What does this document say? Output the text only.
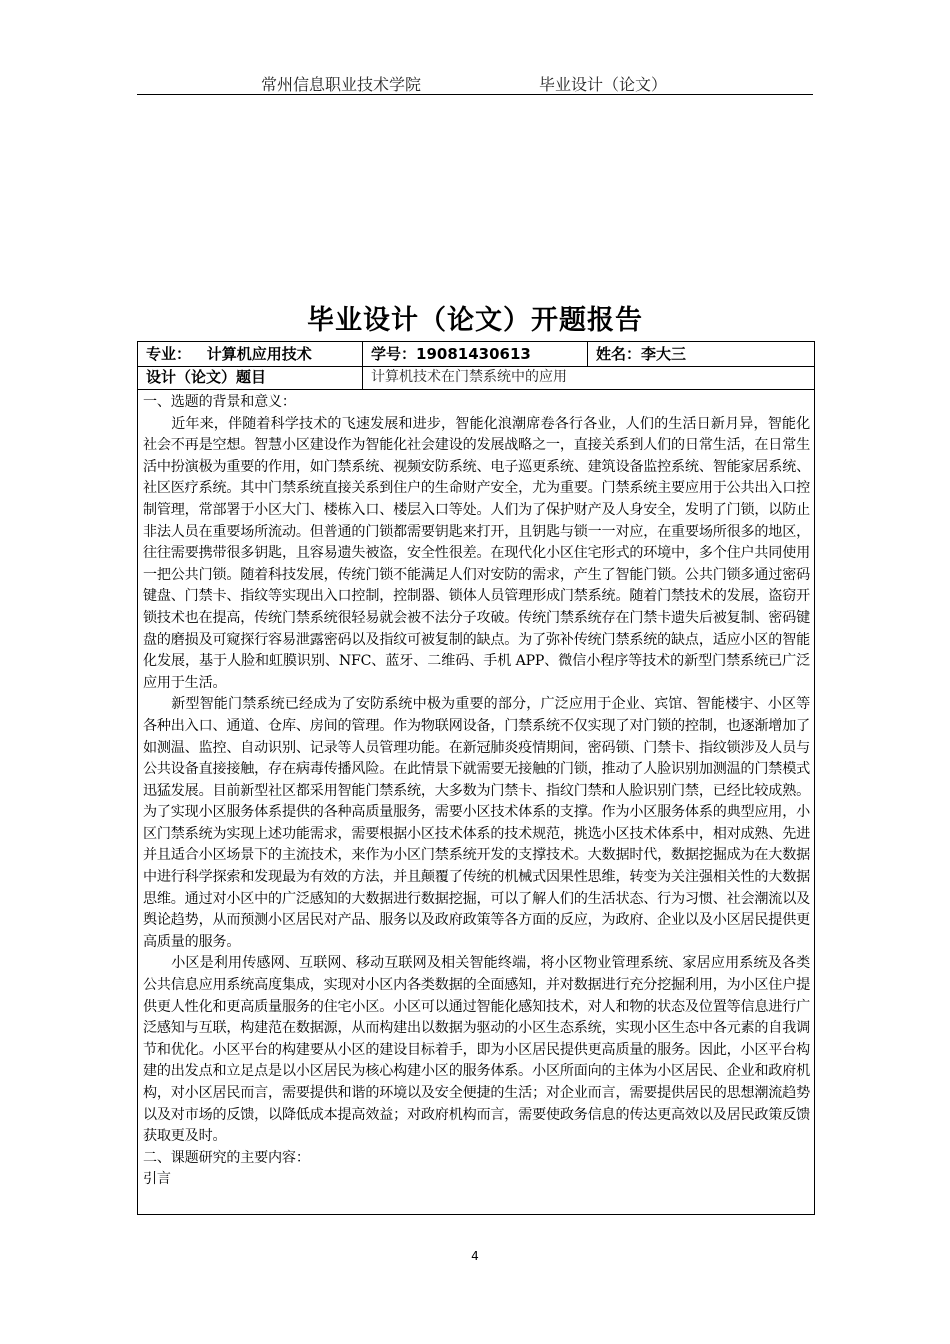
常州信息职业技术学院	毕业设计（论文）
毕业设计（论文）开题报告
专业： 计算机应用技术	学号：19081430613	姓名：李大三
设计（论文）题目	计算机技术在门禁系统中的应用

一、选题的背景和意义：

近年来，伴随着科学技术的飞速发展和进步，智能化浪潮席卷各行各业，人们的生活日新月异，智能化社会不再是空想。智慧小区建设作为智能化社会建设的发展战略之一，直接关系到人们的日常生活，在日常生活中扮演极为重要的作用，如门禁系统、视频安防系统、电子巡更系统、建筑设备监控系统、智能家居系统、社区医疗系统。其中门禁系统直接关系到住户的生命财产安全，尤为重要。门禁系统主要应用于公共出入口控制管理，常部署于小区大门、楼栋入口、楼层入口等处。人们为了保护财产及人身安全，发明了门锁，以防止非法人员在重要场所流动。但普通的门锁都需要钥匙来打开，且钥匙与锁一一对应，在重要场所很多的地区，往往需要携带很多钥匙，且容易遗失被盗，安全性很差。在现代化小区住宅形式的环境中，多个住户共同使用一把公共门锁。随着科技发展，传统门锁不能满足人们对安防的需求，产生了智能门锁。公共门锁多通过密码键盘、门禁卡、指纹等实现出入口控制，控制器、锁体人员管理形成门禁系统。随着门禁技术的发展，盗窃开锁技术也在提高，传统门禁系统很轻易就会被不法分子攻破。传统门禁系统存在门禁卡遗失后被复制、密码键盘的磨损及可窥探行容易泄露密码以及指纹可被复制的缺点。为了弥补传统门禁系统的缺点，适应小区的智能化发展，基于人脸和虹膜识别、NFC、蓝牙、二维码、手机 APP、微信小程序等技术的新型门禁系统已广泛应用于生活。

新型智能门禁系统已经成为了安防系统中极为重要的部分，广泛应用于企业、宾馆、智能楼宇、小区等各种出入口、通道、仓库、房间的管理。作为物联网设备，门禁系统不仅实现了对门锁的控制，也逐渐增加了如测温、监控、自动识别、记录等人员管理功能。在新冠肺炎疫情期间，密码锁、门禁卡、指纹锁涉及人员与公共设备直接接触，存在病毒传播风险。在此情景下就需要无接触的门锁，推动了人脸识别加测温的门禁模式迅猛发展。目前新型社区都采用智能门禁系统，大多数为门禁卡、指纹门禁和人脸识别门禁，已经比较成熟。为了实现小区服务体系提供的各种高质量服务，需要小区技术体系的支撑。作为小区服务体系的典型应用，小区门禁系统为实现上述功能需求，需要根据小区技术体系的技术规范，挑选小区技术体系中，相对成熟、先进并且适合小区场景下的主流技术，来作为小区门禁系统开发的支撑技术。大数据时代，数据挖掘成为在大数据中进行科学探索和发现最为有效的方法，并且颠覆了传统的机械式因果性思维，转变为关注强相关性的大数据思维。通过对小区中的广泛感知的大数据进行数据挖掘，可以了解人们的生活状态、行为习惯、社会潮流以及舆论趋势，从而预测小区居民对产品、服务以及政府政策等各方面的反应，为政府、企业以及小区居民提供更高质量的服务。

小区是利用传感网、互联网、移动互联网及相关智能终端，将小区物业管理系统、家居应用系统及各类公共信息应用系统高度集成，实现对小区内各类数据的全面感知，并对数据进行充分挖掘利用，为小区住户提供更人性化和更高质量服务的住宅小区。小区可以通过智能化感知技术，对人和物的状态及位置等信息进行广泛感知与互联，构建范在数据源，从而构建出以数据为驱动的小区生态系统，实现小区生态中各元素的自我调节和优化。小区平台的构建要从小区的建设目标着手，即为小区居民提供更高质量的服务。因此，小区平台构建的出发点和立足点是以小区居民为核心构建小区的服务体系。小区所面向的主体为小区居民、企业和政府机构，对小区居民而言，需要提供和谐的环境以及安全便捷的生活；对企业而言，需要提供居民的思想潮流趋势以及对市场的反馈，以降低成本提高效益；对政府机构而言，需要使政务信息的传达更高效以及居民政策反馈获取更及时。

二、课题研究的主要内容：

引言

4
